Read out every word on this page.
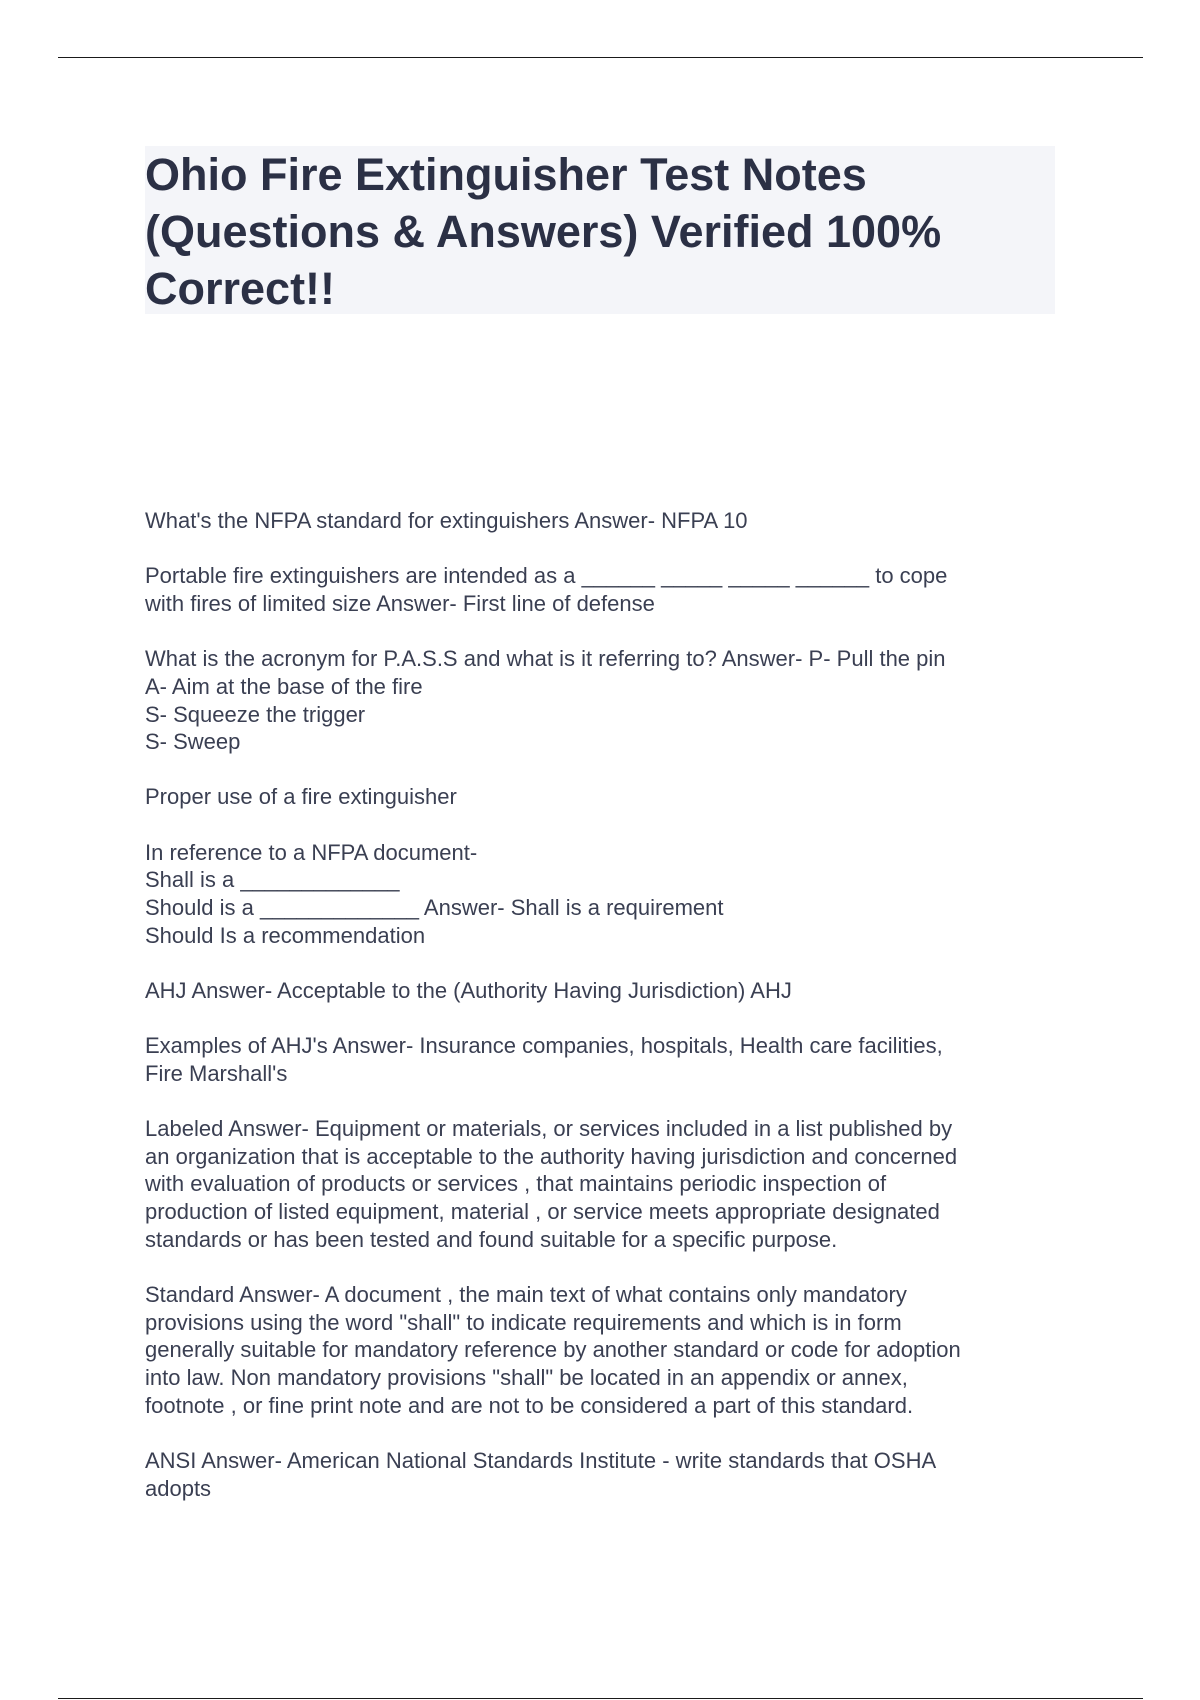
Ohio Fire Extinguisher Test Notes
(Questions & Answers) Verified 100%
Correct!!

What's the NFPA standard for extinguishers Answer- NFPA 10

Portable fire extinguishers are intended as a ______ _____ _____ ______ to cope
with fires of limited size Answer- First line of defense

What is the acronym for P.A.S.S and what is it referring to? Answer- P- Pull the pin
A- Aim at the base of the fire
S- Squeeze the trigger
S- Sweep

Proper use of a fire extinguisher

In reference to a NFPA document-
Shall is a _____________
Should is a _____________ Answer- Shall is a requirement
Should Is a recommendation

AHJ Answer- Acceptable to the (Authority Having Jurisdiction) AHJ

Examples of AHJ's Answer- Insurance companies, hospitals, Health care facilities,
Fire Marshall's

Labeled Answer- Equipment or materials, or services included in a list published by
an organization that is acceptable to the authority having jurisdiction and concerned
with evaluation of products or services , that maintains periodic inspection of
production of listed equipment, material , or service meets appropriate designated
standards or has been tested and found suitable for a specific purpose.

Standard Answer- A document , the main text of what contains only mandatory
provisions using the word "shall" to indicate requirements and which is in form
generally suitable for mandatory reference by another standard or code for adoption
into law. Non mandatory provisions "shall" be located in an appendix or annex,
footnote , or fine print note and are not to be considered a part of this standard.

ANSI Answer- American National Standards Institute - write standards that OSHA
adopts
